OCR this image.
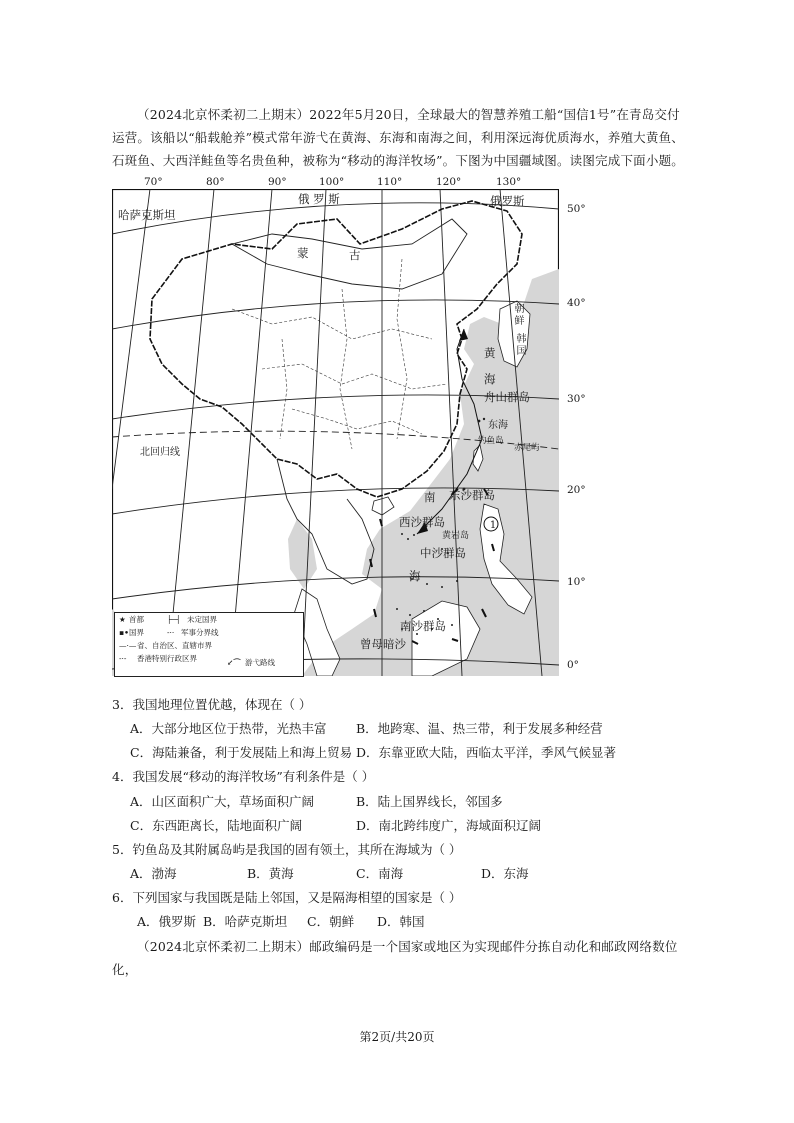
（2024北京怀柔初二上期末）2022年5月20日，全球最大的智慧养殖工船“国信1号”在青岛交付
运营。该船以“船载舱养”模式常年游弋在黄海、东海和南海之间，利用深远海优质海水，养殖大黄鱼、
石斑鱼、大西洋鲑鱼等名贵鱼种，被称为“移动的海洋牧场”。下图为中国疆域图。读图完成下面小题。
70°	80°	90°	100°	110°	120°	130°
50°
40°
30°
20°
10°
0°
哈萨克斯坦
俄 罗 斯	俄罗斯
蒙	古
朝鲜
韩国
黄
海
舟山群岛
东海
钓鱼岛
赤尾屿
北回归线
南 东沙群岛
西沙群岛
黄岩岛
1
中沙群岛
海
南沙群岛
曾母暗沙
★ 首都	├─┤ 未定国界
▪• 国界	-·· 军事分界线
—·— 省、自治区、直辖市界
-·- 香港特别行政区界	↙⌒ 游弋路线
3．我国地理位置优越，体现在（ ）
A．大部分地区位于热带，光热丰富 B．地跨寒、温、热三带，利于发展多种经营
C．海陆兼备，利于发展陆上和海上贸易 D．东靠亚欧大陆，西临太平洋，季风气候显著
4．我国发展“移动的海洋牧场”有利条件是（ ）
A．山区面积广大，草场面积广阔	B．陆上国界线长，邻国多
C．东西距离长，陆地面积广阔	D．南北跨纬度广，海域面积辽阔
5．钓鱼岛及其附属岛屿是我国的固有领土，其所在海域为（ ）
A．渤海	B．黄海	C．南海	D．东海
6．下列国家与我国既是陆上邻国，又是隔海相望的国家是（ ）
A．俄罗斯 B．哈萨克斯坦 C．朝鲜 D．韩国
（2024北京怀柔初二上期末）邮政编码是一个国家或地区为实现邮件分拣自动化和邮政网络数位化，
第2页/共20页
